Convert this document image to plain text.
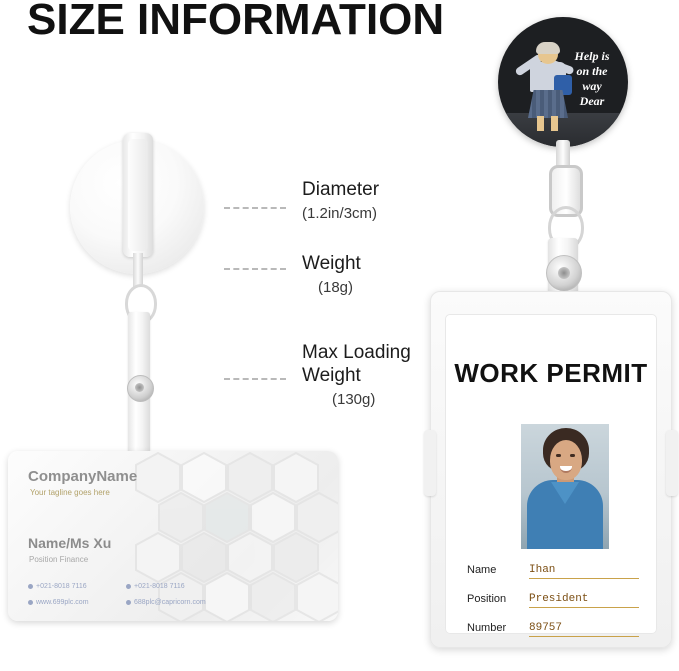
SIZE INFORMATION
CompanyName
Your tagline goes here
Name/Ms Xu
Position Finance
+021-8018 7116	+021-8018 7116
www.699plc.com	688plc@capricorn.com
Diameter
(1.2in/3cm)
Weight
(18g)
Max Loading
Weight
(130g)
Help is
on the
way
Dear
WORK PERMIT
Name	Ihan
Position President
Number 89757
